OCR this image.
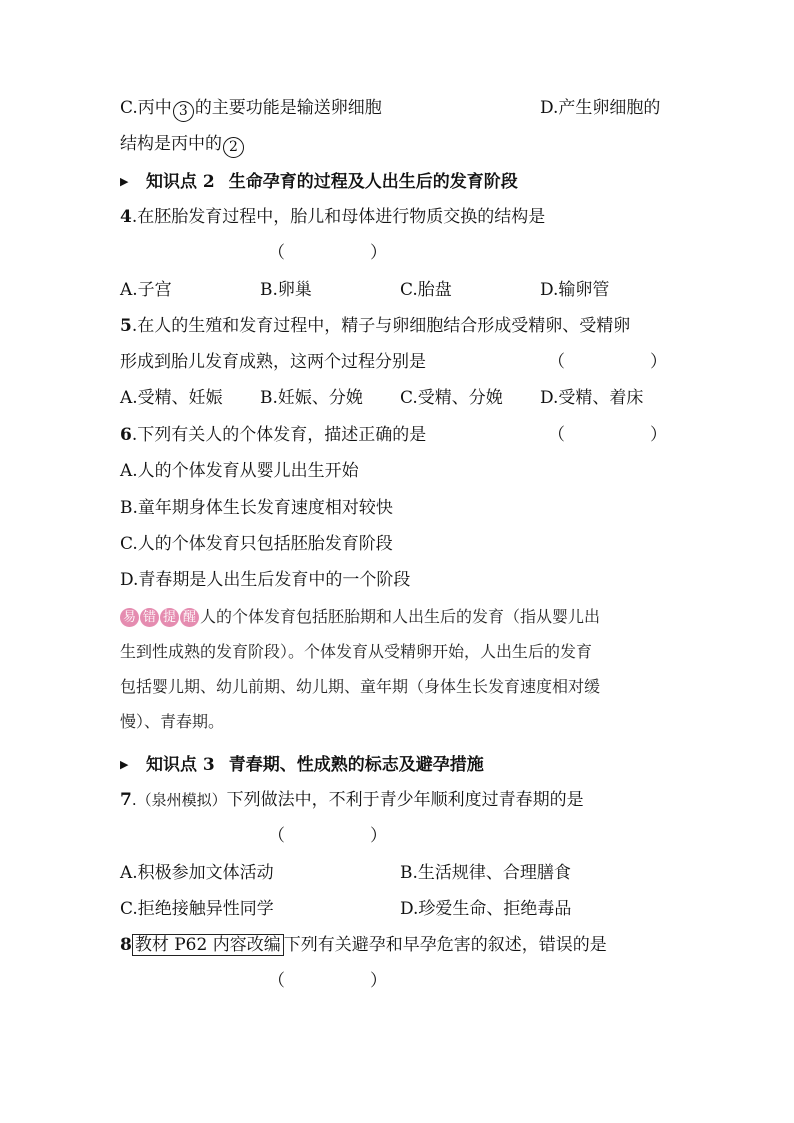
C.丙中 3 的主要功能是输送卵细胞	D.产生卵细胞的
结构是丙中的 2
▶ 知识点 2 生命孕育的过程及人出生后的发育阶段
4.在胚胎发育过程中，胎儿和母体进行物质交换的结构是
（　　　　　）
A.子宫	B.卵巢	C.胎盘	D.输卵管
5.在人的生殖和发育过程中，精子与卵细胞结合形成受精卵、受精卵
形成到胎儿发育成熟，这两个过程分别是	（　　　　　）
A.受精、妊娠 B.妊娠、分娩 C.受精、分娩 D.受精、着床
6.下列有关人的个体发育，描述正确的是	（　　　　　）
A.人的个体发育从婴儿出生开始
B.童年期身体生长发育速度相对较快
C.人的个体发育只包括胚胎发育阶段
D.青春期是人出生后发育中的一个阶段
易 错 提 醒 人的个体发育包括胚胎期和人出生后的发育（指从婴儿出
生到性成熟的发育阶段）。个体发育从受精卵开始，人出生后的发育
包括婴儿期、幼儿前期、幼儿期、童年期（身体生长发育速度相对缓
慢）、青春期。
▶ 知识点 3 青春期、性成熟的标志及避孕措施
7.（泉州模拟）下列做法中，不利于青少年顺利度过青春期的是
（　　　　　）
A.积极参加文体活动	B.生活规律、合理膳食
C.拒绝接触异性同学	D.珍爱生命、拒绝毒品
8 教材 P62 内容改编 下列有关避孕和早孕危害的叙述，错误的是
（　　　　　）
